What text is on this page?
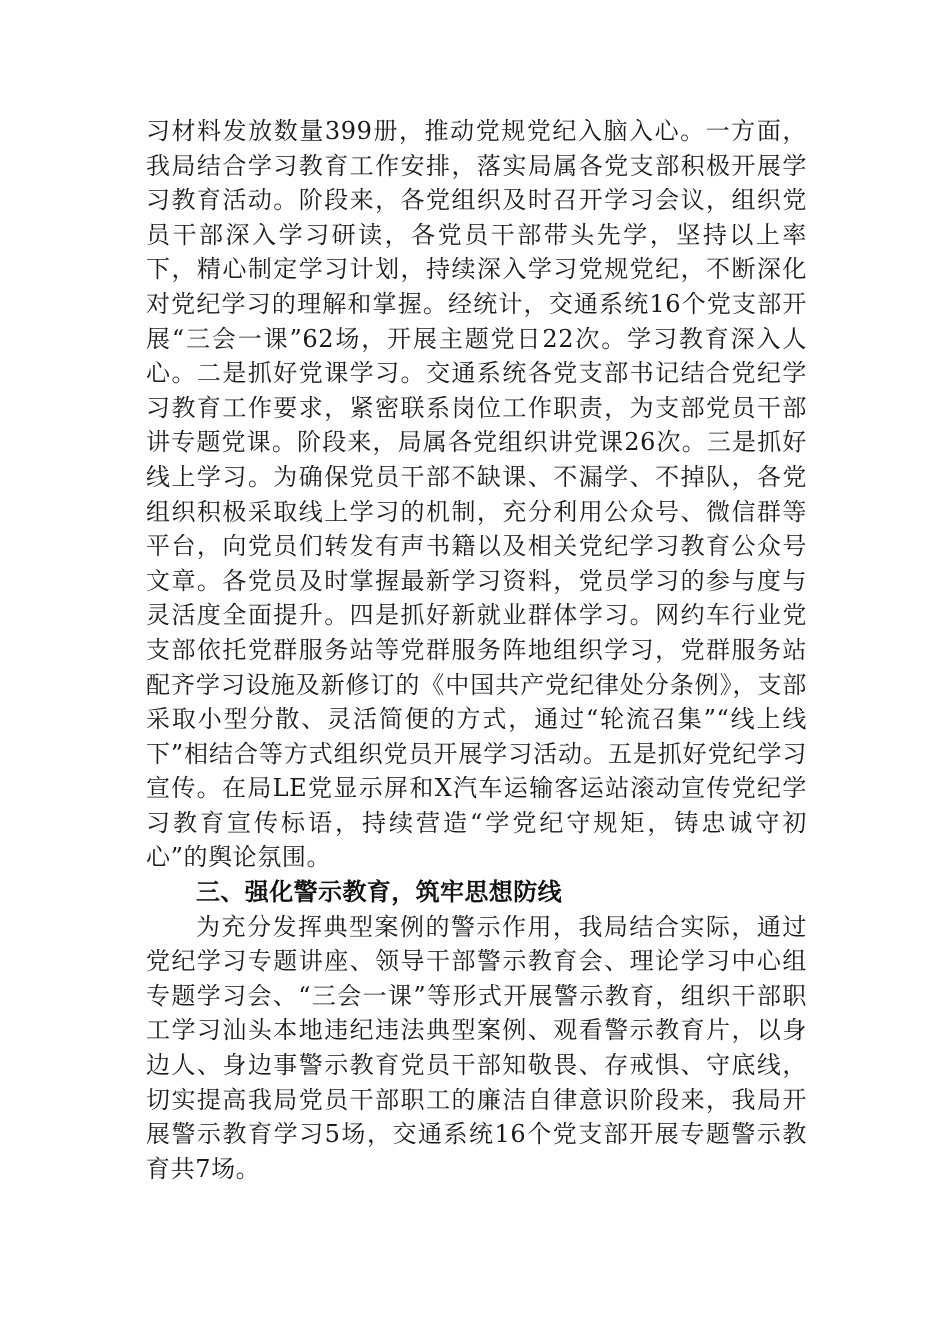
习材料发放数量399册，推动党规党纪入脑入心。一方面，我局结合学习教育工作安排，落实局属各党支部积极开展学习教育活动。阶段来，各党组织及时召开学习会议，组织党员干部深入学习研读，各党员干部带头先学，坚持以上率下，精心制定学习计划，持续深入学习党规党纪，不断深化对党纪学习的理解和掌握。经统计，交通系统16个党支部开展“三会一课”62场，开展主题党日22次。学习教育深入人心。二是抓好党课学习。交通系统各党支部书记结合党纪学习教育工作要求，紧密联系岗位工作职责，为支部党员干部讲专题党课。阶段来，局属各党组织讲党课26次。三是抓好线上学习。为确保党员干部不缺课、不漏学、不掉队，各党组织积极采取线上学习的机制，充分利用公众号、微信群等平台，向党员们转发有声书籍以及相关党纪学习教育公众号文章。各党员及时掌握最新学习资料，党员学习的参与度与灵活度全面提升。四是抓好新就业群体学习。网约车行业党支部依托党群服务站等党群服务阵地组织学习，党群服务站配齐学习设施及新修订的《中国共产党纪律处分条例》，支部采取小型分散、灵活简便的方式，通过“轮流召集”“线上线下”相结合等方式组织党员开展学习活动。五是抓好党纪学习宣传。在局LE党显示屏和X汽车运输客运站滚动宣传党纪学习教育宣传标语，持续营造“学党纪守规矩，铸忠诚守初心”的舆论氛围。

三、强化警示教育，筑牢思想防线

为充分发挥典型案例的警示作用，我局结合实际，通过党纪学习专题讲座、领导干部警示教育会、理论学习中心组专题学习会、“三会一课”等形式开展警示教育，组织干部职工学习汕头本地违纪违法典型案例、观看警示教育片，以身边人、身边事警示教育党员干部知敬畏、存戒惧、守底线，切实提高我局党员干部职工的廉洁自律意识阶段来，我局开展警示教育学习5场，交通系统16个党支部开展专题警示教育共7场。
